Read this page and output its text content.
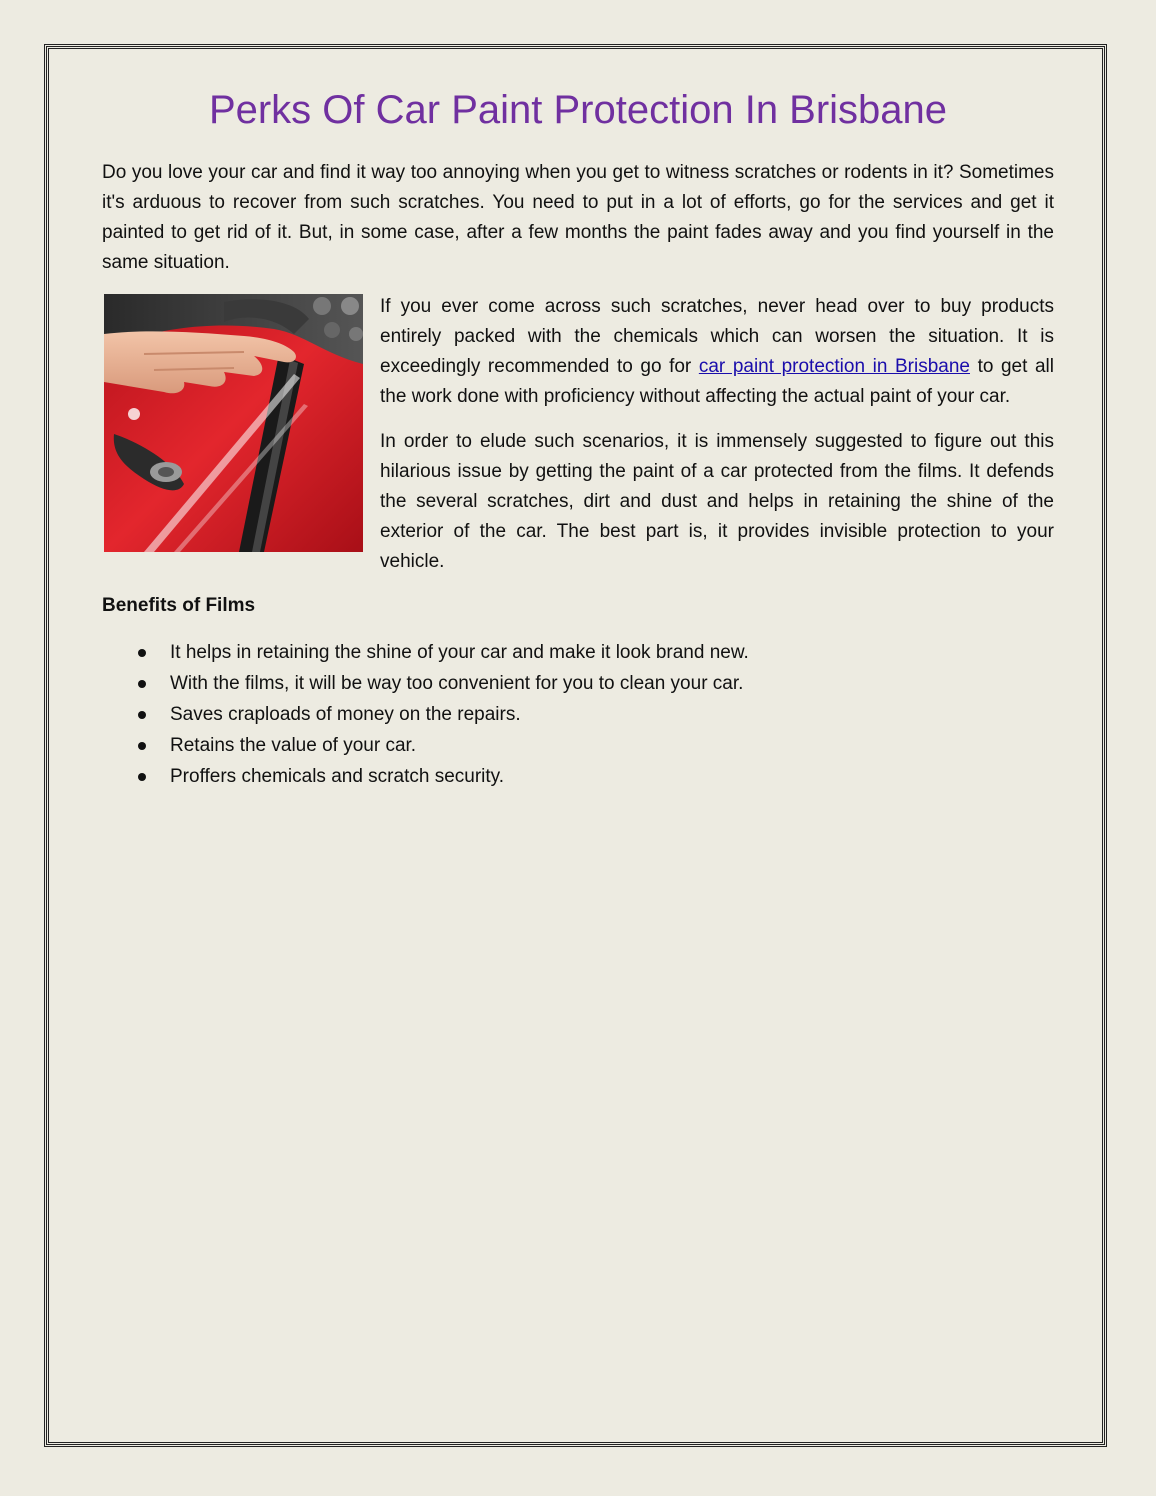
Perks Of Car Paint Protection In Brisbane

Do you love your car and find it way too annoying when you get to witness scratches or rodents in it? Sometimes it's arduous to recover from such scratches. You need to put in a lot of efforts, go for the services and get it painted to get rid of it. But, in some case, after a few months the paint fades away and you find yourself in the same situation.

If you ever come across such scratches, never head over to buy products entirely packed with the chemicals which can worsen the situation. It is exceedingly recommended to go for car paint protection in Brisbane to get all the work done with proficiency without affecting the actual paint of your car.

In order to elude such scenarios, it is immensely suggested to figure out this hilarious issue by getting the paint of a car protected from the films. It defends the several scratches, dirt and dust and helps in retaining the shine of the exterior of the car. The best part is, it provides invisible protection to your vehicle.

Benefits of Films
It helps in retaining the shine of your car and make it look brand new.
With the films, it will be way too convenient for you to clean your car.
Saves craploads of money on the repairs.
Retains the value of your car.
Proffers chemicals and scratch security.
